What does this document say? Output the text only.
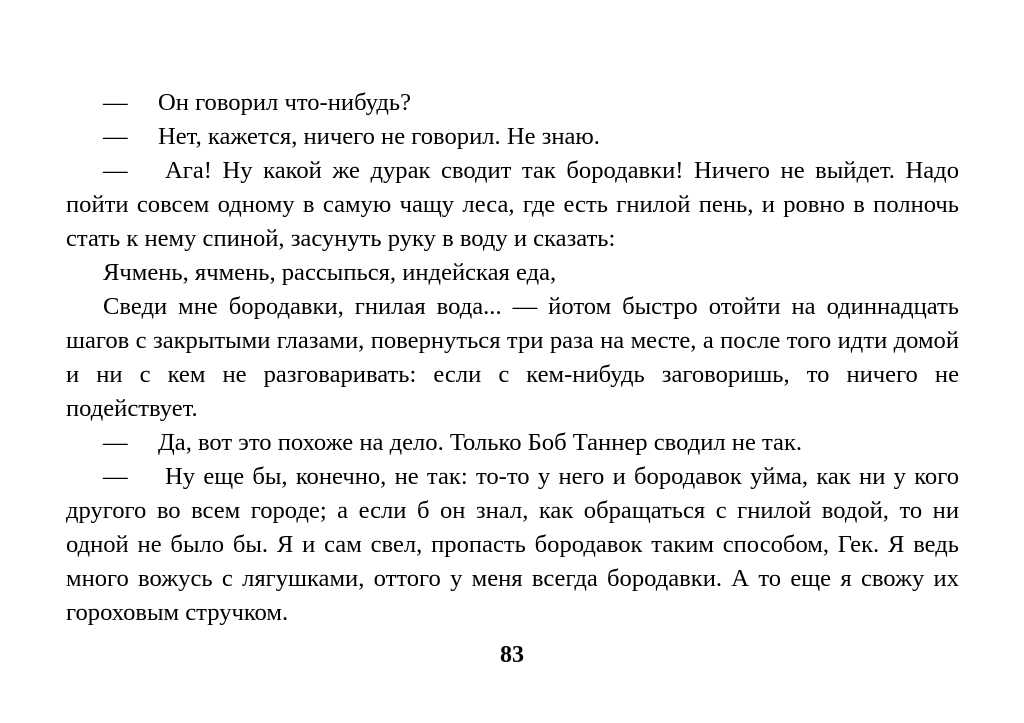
— Он говорил что-нибудь?

— Нет, кажется, ничего не говорил. Не знаю.

— Ага! Ну какой же дурак сводит так бородавки! Ничего не выйдет. Надо пойти совсем одному в самую чащу леса, где есть гнилой пень, и ровно в полночь стать к нему спиной, засунуть руку в воду и сказать:

Ячмень, ячмень, рассыпься, индейская еда,

Сведи мне бородавки, гнилая вода... — йотом быстро отойти на одиннадцать шагов с закрытыми глазами, повернуться три раза на месте, а после того идти домой и ни с кем не разговаривать: если с кем-нибудь заговоришь, то ничего не подействует.

— Да, вот это похоже на дело. Только Боб Таннер сводил не так.

— Ну еще бы, конечно, не так: то-то у него и бородавок уйма, как ни у кого другого во всем городе; а если б он знал, как обращаться с гнилой водой, то ни одной не было бы. Я и сам свел, пропасть бородавок таким способом, Гек. Я ведь много вожусь с лягушками, оттого у меня всегда бородавки. А то еще я свожу их гороховым стручком.

83
